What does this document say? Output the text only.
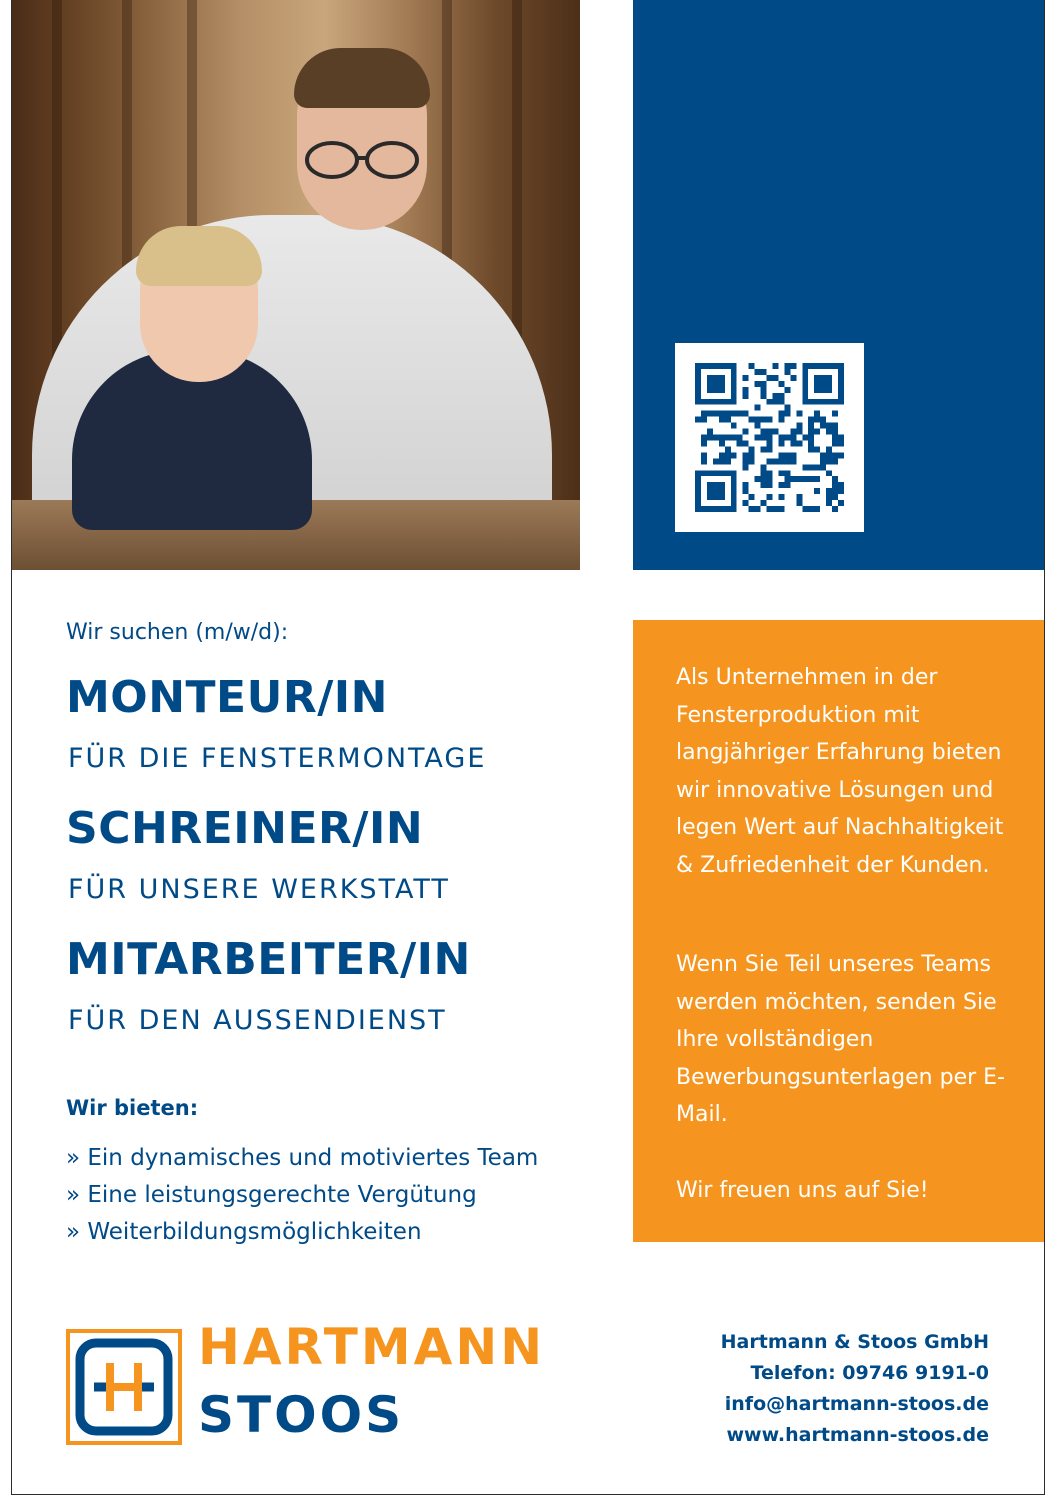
Wir suchen (m/w/d):

MONTEUR/IN

FÜR DIE FENSTERMONTAGE

SCHREINER/IN

FÜR UNSERE WERKSTATT

MITARBEITER/IN

FÜR DEN AUSSENDIENST

Wir bieten:

» Ein dynamisches und motiviertes Team
» Eine leistungsgerechte Vergütung
» Weiterbildungsmöglichkeiten

Als Unternehmen in der Fensterproduktion mit langjähriger Erfahrung bieten wir innovative Lösungen und legen Wert auf Nachhaltigkeit & Zufriedenheit der Kunden.

Wenn Sie Teil unseres Teams werden möchten, senden Sie Ihre vollständigen Bewerbungsunterlagen per E-Mail.

Wir freuen uns auf Sie!

HARTMANN

STOOS

Hartmann & Stoos GmbH
Telefon: 09746 9191-0
info@hartmann-stoos.de
www.hartmann-stoos.de
